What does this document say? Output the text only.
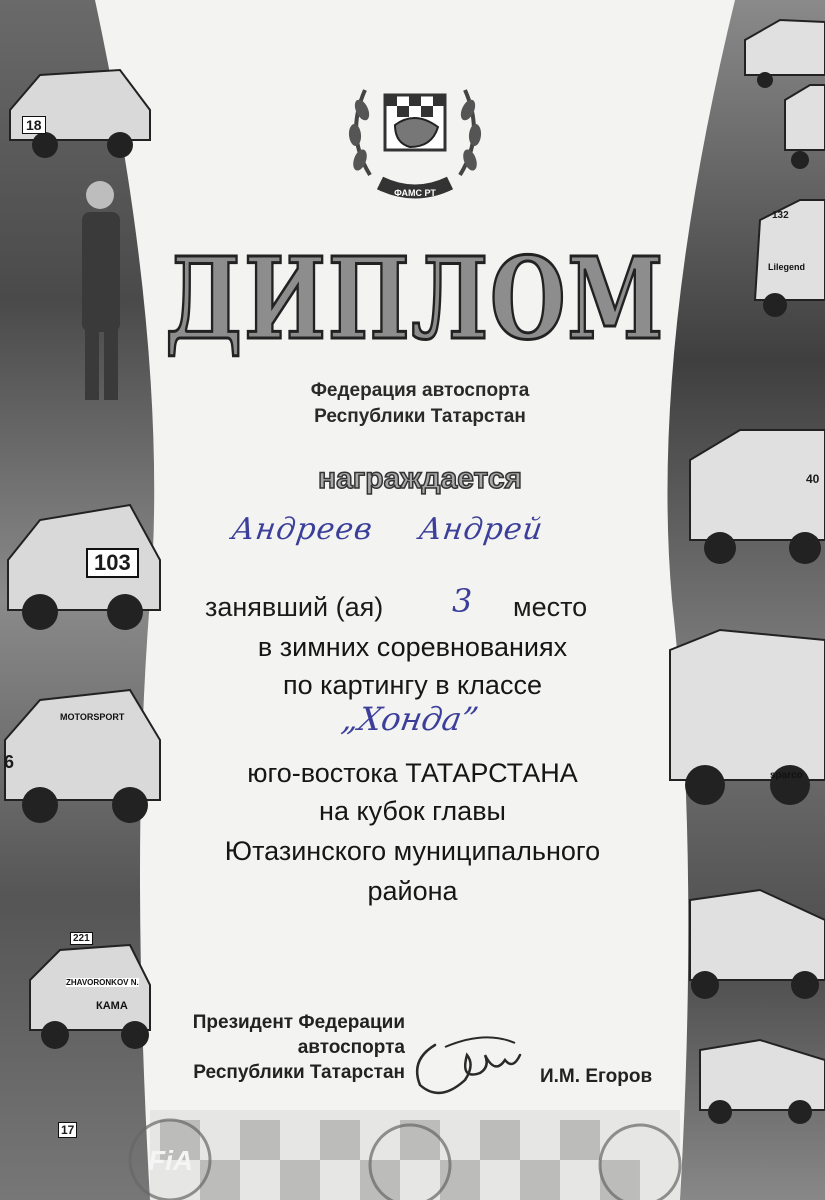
18
103
6
221
17
40
132
MOTORSPORT
ZHAVORONKOV N.
КАМА
Lilegend
sparco
FiA
ФАМС РТ
ДИПЛОМ
Федерация автоспорта
Республики Татарстан
награждается
Андреев Андрей
занявший (ая) 3 место
в зимних соревнованиях
по картингу в классе
„Хонда”
юго-востока ТАТАРСТАНА
на кубок главы
Ютазинского муниципального
района
Президент Федерации
автоспорта
Республики Татарстан	И.М. Егоров
